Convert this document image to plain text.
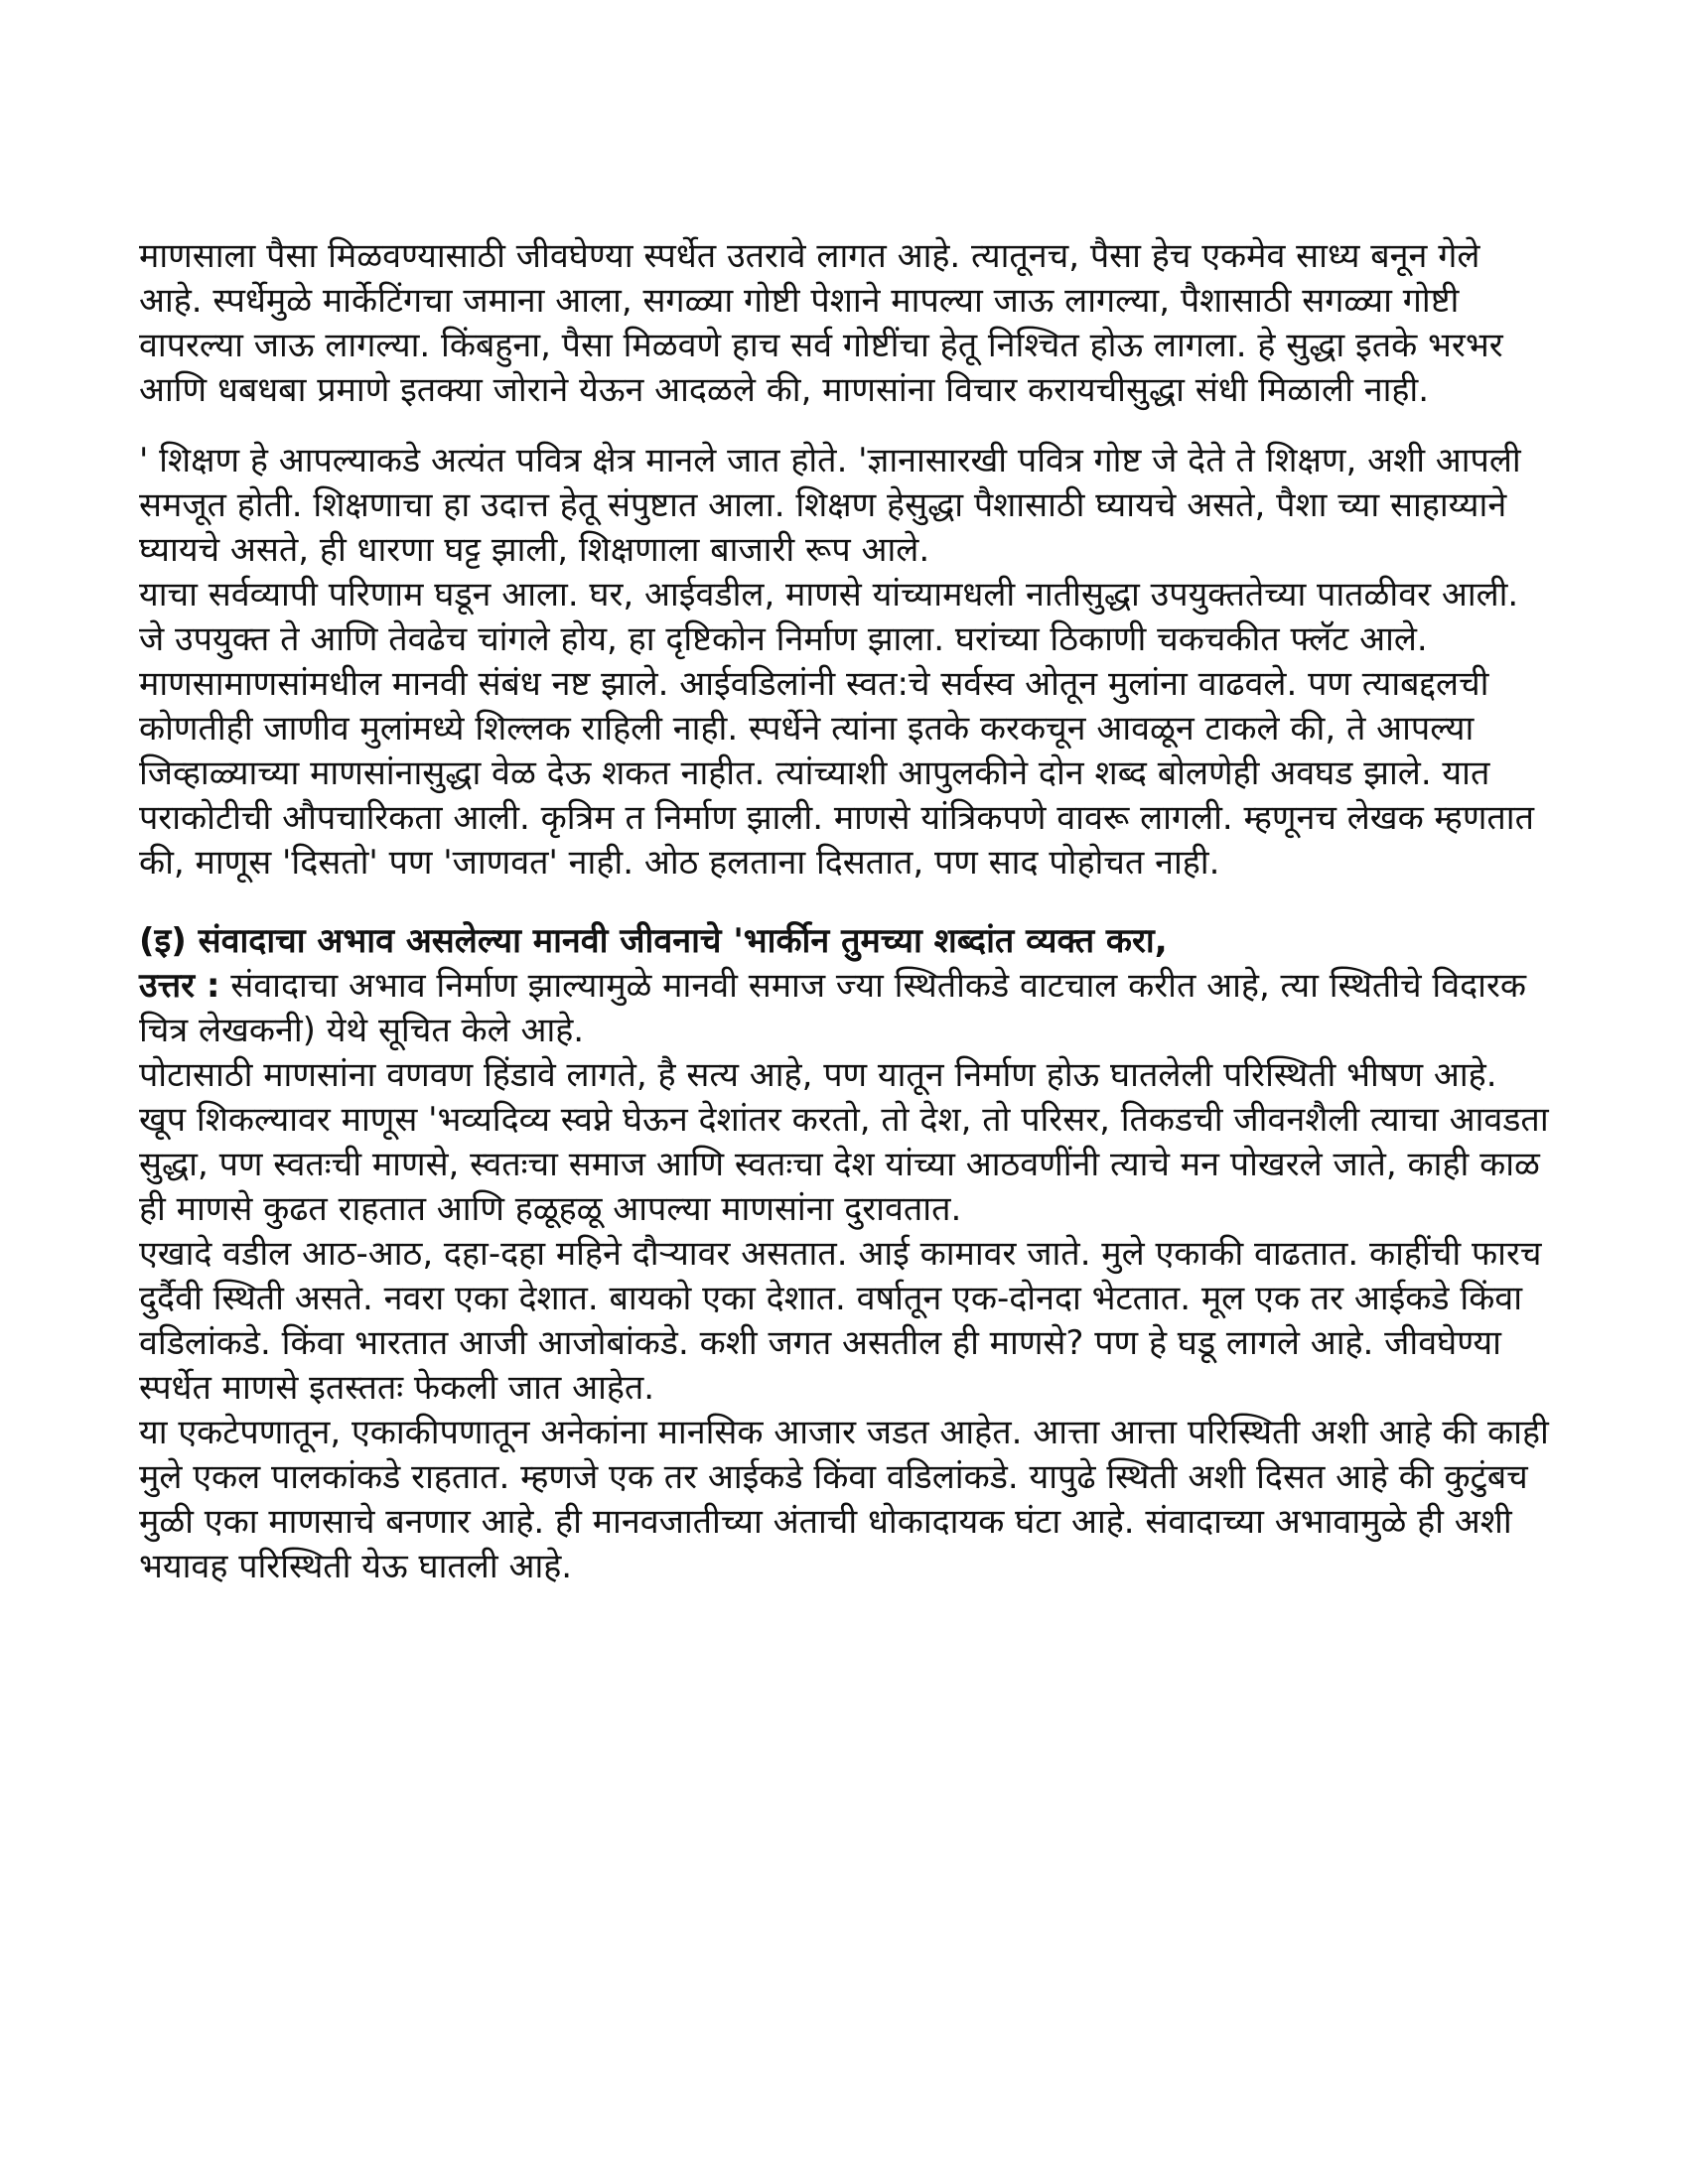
माणसाला पैसा मिळवण्यासाठी जीवघेण्या स्पर्धेत उतरावे लागत आहे. त्यातूनच, पैसा हेच एकमेव साध्य बनून गेले आहे. स्पर्धेमुळे मार्केटिंगचा जमाना आला, सगळ्या गोष्टी पेशाने मापल्या जाऊ लागल्या, पैशासाठी सगळ्या गोष्टी वापरल्या जाऊ लागल्या. किंबहुना, पैसा मिळवणे हाच सर्व गोष्टींचा हेतू निश्चित होऊ लागला. हे सुद्धा इतके भरभर आणि धबधबा प्रमाणे इतक्या जोराने येऊन आदळले की, माणसांना विचार करायचीसुद्धा संधी मिळाली नाही.

' शिक्षण हे आपल्याकडे अत्यंत पवित्र क्षेत्र मानले जात होते. 'ज्ञानासारखी पवित्र गोष्ट जे देते ते शिक्षण, अशी आपली समजूत होती. शिक्षणाचा हा उदात्त हेतू संपुष्टात आला. शिक्षण हेसुद्धा पैशासाठी घ्यायचे असते, पैशा च्या साहाय्याने घ्यायचे असते, ही धारणा घट्ट झाली, शिक्षणाला बाजारी रूप आले.

याचा सर्वव्यापी परिणाम घडून आला. घर, आईवडील, माणसे यांच्यामधली नातीसुद्धा उपयुक्ततेच्या पातळीवर आली. जे उपयुक्त ते आणि तेवढेच चांगले होय, हा दृष्टिकोन निर्माण झाला. घरांच्या ठिकाणी चकचकीत फ्लॅट आले. माणसामाणसांमधील मानवी संबंध नष्ट झाले. आईवडिलांनी स्वत:चे सर्वस्व ओतून मुलांना वाढवले. पण त्याबद्दलची कोणतीही जाणीव मुलांमध्ये शिल्लक राहिली नाही. स्पर्धेने त्यांना इतके करकचून आवळून टाकले की, ते आपल्या जिव्हाळ्याच्या माणसांनासुद्धा वेळ देऊ शकत नाहीत. त्यांच्याशी आपुलकीने दोन शब्द बोलणेही अवघड झाले. यात पराकोटीची औपचारिकता आली. कृत्रिम त निर्माण झाली. माणसे यांत्रिकपणे वावरू लागली. म्हणूनच लेखक म्हणतात की, माणूस 'दिसतो' पण 'जाणवत' नाही. ओठ हलताना दिसतात, पण साद पोहोचत नाही.

(इ) संवादाचा अभाव असलेल्या मानवी जीवनाचे 'भार्कीन तुमच्या शब्दांत व्यक्त करा,

उत्तर : संवादाचा अभाव निर्माण झाल्यामुळे मानवी समाज ज्या स्थितीकडे वाटचाल करीत आहे, त्या स्थितीचे विदारक चित्र लेखकनी) येथे सूचित केले आहे.

पोटासाठी माणसांना वणवण हिंडावे लागते, है सत्य आहे, पण यातून निर्माण होऊ घातलेली परिस्थिती भीषण आहे. खूप शिकल्यावर माणूस 'भव्यदिव्य स्वप्ने घेऊन देशांतर करतो, तो देश, तो परिसर, तिकडची जीवनशैली त्याचा आवडता सुद्धा, पण स्वतःची माणसे, स्वतःचा समाज आणि स्वतःचा देश यांच्या आठवणींनी त्याचे मन पोखरले जाते, काही काळ ही माणसे कुढत राहतात आणि हळूहळू आपल्या माणसांना दुरावतात.

एखादे वडील आठ-आठ, दहा-दहा महिने दौऱ्यावर असतात. आई कामावर जाते. मुले एकाकी वाढतात. काहींची फारच दुर्दैवी स्थिती असते. नवरा एका देशात. बायको एका देशात. वर्षातून एक-दोनदा भेटतात. मूल एक तर आईकडे किंवा वडिलांकडे. किंवा भारतात आजी आजोबांकडे. कशी जगत असतील ही माणसे? पण हे घडू लागले आहे. जीवघेण्या स्पर्धेत माणसे इतस्ततः फेकली जात आहेत.

या एकटेपणातून, एकाकीपणातून अनेकांना मानसिक आजार जडत आहेत. आत्ता आत्ता परिस्थिती अशी आहे की काही मुले एकल पालकांकडे राहतात. म्हणजे एक तर आईकडे किंवा वडिलांकडे. यापुढे स्थिती अशी दिसत आहे की कुटुंबच मुळी एका माणसाचे बनणार आहे. ही मानवजातीच्या अंताची धोकादायक घंटा आहे. संवादाच्या अभावामुळे ही अशी भयावह परिस्थिती येऊ घातली आहे.
